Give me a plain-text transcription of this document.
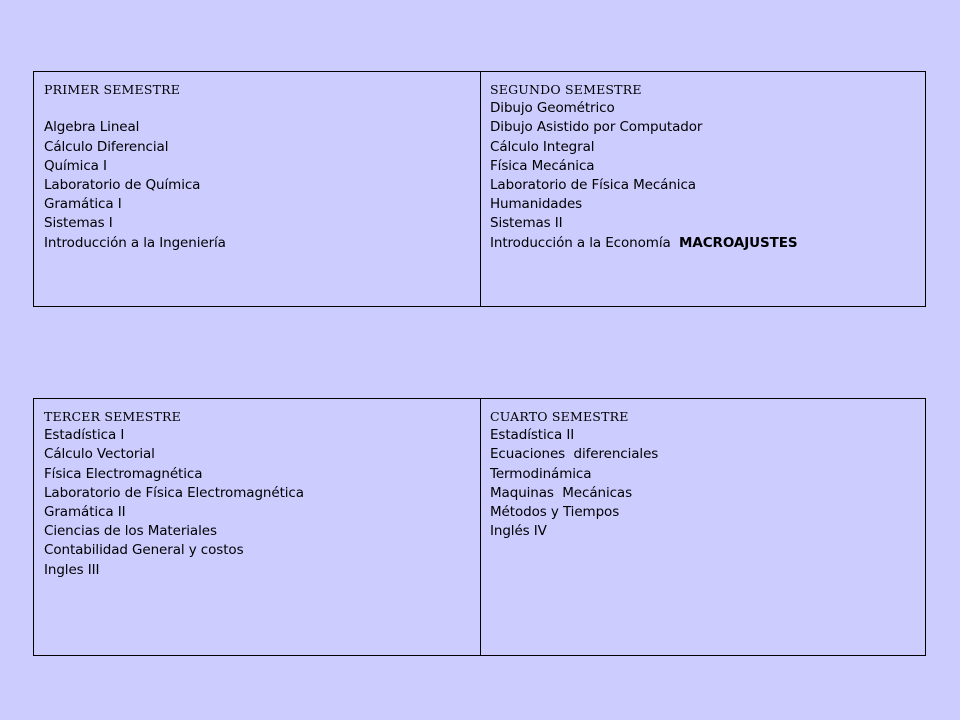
PRIMER SEMESTRE
Algebra Lineal
Cálculo Diferencial
Química I
Laboratorio de Química
Gramática I
Sistemas I
Introducción a la Ingeniería
SEGUNDO SEMESTRE
Dibujo Geométrico
Dibujo Asistido por Computador
Cálculo Integral
Física Mecánica
Laboratorio de Física Mecánica
Humanidades
Sistemas II
Introducción a la Economía  MACROAJUSTES
TERCER SEMESTRE
Estadística I
Cálculo Vectorial
Física Electromagnética
Laboratorio de Física Electromagnética
Gramática II
Ciencias de los Materiales
Contabilidad General y costos
Ingles III
CUARTO SEMESTRE
Estadística II
Ecuaciones  diferenciales
Termodinámica
Maquinas  Mecánicas
Métodos y Tiempos
Inglés IV
